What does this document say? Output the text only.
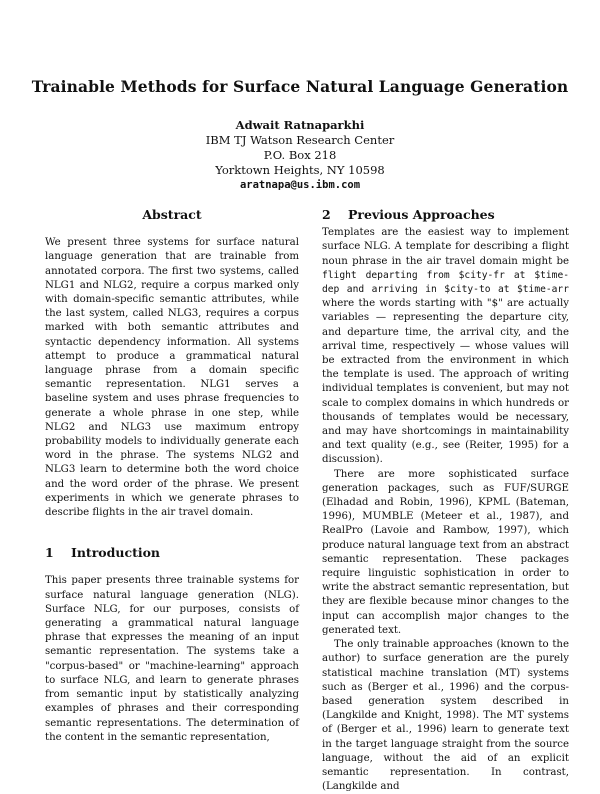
Trainable Methods for Surface Natural Language Generation
Adwait Ratnaparkhi
IBM TJ Watson Research Center
P.O. Box 218
Yorktown Heights, NY 10598
aratnapa@us.ibm.com
Abstract

We present three systems for surface natural language generation that are trainable from annotated corpora. The first two systems, called NLG1 and NLG2, require a corpus marked only with domain-specific semantic attributes, while the last system, called NLG3, requires a corpus marked with both semantic attributes and syntactic dependency information. All systems attempt to produce a grammatical natural language phrase from a domain specific semantic representation. NLG1 serves a baseline system and uses phrase frequencies to generate a whole phrase in one step, while NLG2 and NLG3 use maximum entropy probability models to individually generate each word in the phrase. The systems NLG2 and NLG3 learn to determine both the word choice and the word order of the phrase. We present experiments in which we generate phrases to describe flights in the air travel domain.

1 Introduction

This paper presents three trainable systems for surface natural language generation (NLG). Surface NLG, for our purposes, consists of generating a grammatical natural language phrase that expresses the meaning of an input semantic representation. The systems take a "corpus-based" or "machine-learning" approach to surface NLG, and learn to generate phrases from semantic input by statistically analyzing examples of phrases and their corresponding semantic representations. The determination of the content in the semantic representation,

2 Previous Approaches

Templates are the easiest way to implement surface NLG. A template for describing a flight noun phrase in the air travel domain might be flight departing from $city-fr at $time-dep and arriving in $city-to at $time-arr where the words starting with "$" are actually variables — representing the departure city, and departure time, the arrival city, and the arrival time, respectively — whose values will be extracted from the environment in which the template is used. The approach of writing individual templates is convenient, but may not scale to complex domains in which hundreds or thousands of templates would be necessary, and may have shortcomings in maintainability and text quality (e.g., see (Reiter, 1995) for a discussion).

There are more sophisticated surface generation packages, such as FUF/SURGE (Elhadad and Robin, 1996), KPML (Bateman, 1996), MUMBLE (Meteer et al., 1987), and RealPro (Lavoie and Rambow, 1997), which produce natural language text from an abstract semantic representation. These packages require linguistic sophistication in order to write the abstract semantic representation, but they are flexible because minor changes to the input can accomplish major changes to the generated text.

The only trainable approaches (known to the author) to surface generation are the purely statistical machine translation (MT) systems such as (Berger et al., 1996) and the corpus-based generation system described in (Langkilde and Knight, 1998). The MT systems of (Berger et al., 1996) learn to generate text in the target language straight from the source language, without the aid of an explicit semantic representation. In contrast, (Langkilde and
